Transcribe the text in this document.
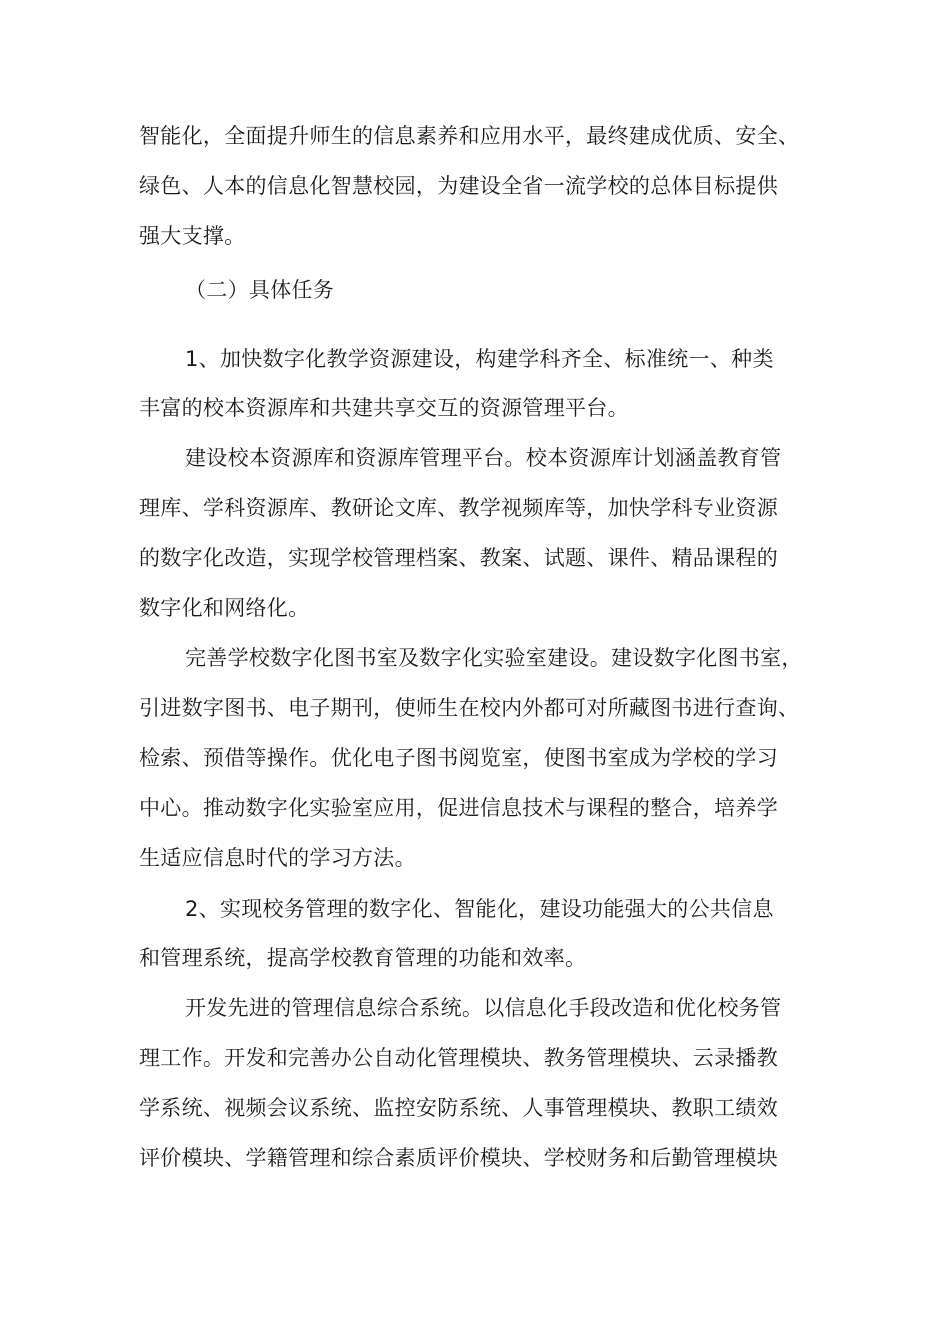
智能化，全面提升师生的信息素养和应用水平，最终建成优质、安全、
绿色、人本的信息化智慧校园，为建设全省一流学校的总体目标提供
强大支撑。
（二）具体任务
1、加快数字化教学资源建设，构建学科齐全、标准统一、种类
丰富的校本资源库和共建共享交互的资源管理平台。
建设校本资源库和资源库管理平台。校本资源库计划涵盖教育管
理库、学科资源库、教研论文库、教学视频库等，加快学科专业资源
的数字化改造，实现学校管理档案、教案、试题、课件、精品课程的
数字化和网络化。
完善学校数字化图书室及数字化实验室建设。建设数字化图书室，
引进数字图书、电子期刊，使师生在校内外都可对所藏图书进行查询、
检索、预借等操作。优化电子图书阅览室，使图书室成为学校的学习
中心。推动数字化实验室应用，促进信息技术与课程的整合，培养学
生适应信息时代的学习方法。
2、实现校务管理的数字化、智能化，建设功能强大的公共信息
和管理系统，提高学校教育管理的功能和效率。
开发先进的管理信息综合系统。以信息化手段改造和优化校务管
理工作。开发和完善办公自动化管理模块、教务管理模块、云录播教
学系统、视频会议系统、监控安防系统、人事管理模块、教职工绩效
评价模块、学籍管理和综合素质评价模块、学校财务和后勤管理模块
